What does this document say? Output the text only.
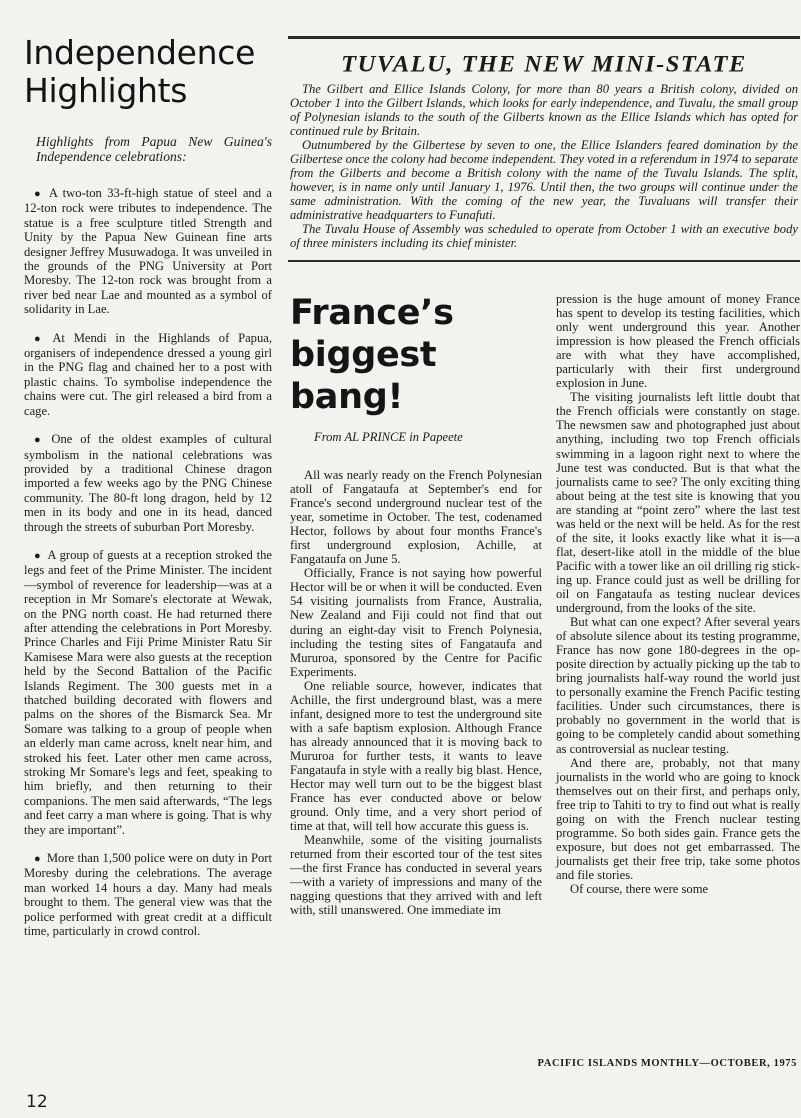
Independence
Highlights

Highlights from Papua New Guinea's Independence celebrations:

● A two-ton 33-ft-high statue of steel and a 12-ton rock were tributes to independence. The statue is a free sculpture titled Strength and Unity by the Papua New Guinean fine arts designer Jeffrey Musuwadoga. It was unveiled in the grounds of the PNG University at Port Moresby. The 12-ton rock was brought from a river bed near Lae and mounted as a symbol of solidarity in Lae.

● At Mendi in the Highlands of Papua, organisers of independence dressed a young girl in the PNG flag and chained her to a post with plastic chains. To symbolise independence the chains were cut. The girl released a bird from a cage.

● One of the oldest examples of cultural symbolism in the national celebrations was provided by a traditional Chinese dragon imported a few weeks ago by the PNG Chinese community. The 80-ft long dragon, held by 12 men in its body and one in its head, danced through the streets of suburban Port Moresby.

● A group of guests at a reception stroked the legs and feet of the Prime Minister. The incident—symbol of reverence for leadership—was at a reception in Mr Somare's electorate at Wewak, on the PNG north coast. He had returned there after attending the celebrations in Port Moresby. Prince Charles and Fiji Prime Minister Ratu Sir Kamisese Mara were also guests at the reception held by the Second Battalion of the Pacific Islands Regiment. The 300 guests met in a thatched building decorated with flowers and palms on the shores of the Bismarck Sea. Mr Somare was talking to a group of people when an elderly man came across, knelt near him, and stroked his feet. Later other men came across, stroking Mr Somare's legs and feet, speaking to him briefly, and then returning to their companions. The men said afterwards, “The legs and feet carry a man where is going. That is why they are important”.

● More than 1,500 police were on duty in Port Moresby during the celebrations. The average man worked 14 hours a day. Many had meals brought to them. The general view was that the police performed with great credit at a difficult time, particularly in crowd control.

TUVALU, THE NEW MINI-STATE

The Gilbert and Ellice Islands Colony, for more than 80 years a British colony, divided on October 1 into the Gilbert Islands, which looks for early independence, and Tuvalu, the small group of Polynesian islands to the south of the Gilberts known as the Ellice Islands which has opted for continued rule by Britain.

Outnumbered by the Gilbertese by seven to one, the Ellice Islanders feared domination by the Gilbertese once the colony had become independent. They voted in a referendum in 1974 to separate from the Gilberts and become a British colony with the name of the Tuvalu Islands. The split, however, is in name only until January 1, 1976. Until then, the two groups will continue under the same administration. With the coming of the new year, the Tuvaluans will transfer their administrative headquarters to Funafuti.

The Tuvalu House of Assembly was scheduled to operate from October 1 with an executive body of three ministers including its chief minister.

France’s
biggest
bang!

From AL PRINCE in Papeete

All was nearly ready on the French Polynesian atoll of Fangataufa at September's end for France's second underground nuclear test of the year, sometime in October. The test, codenamed Hector, follows by about four months France's first underground explosion, Achille, at Fangataufa on June 5.

Officially, France is not saying how powerful Hector will be or when it will be conducted. Even 54 visiting journalists from France, Australia, New Zealand and Fiji could not find that out during an eight-day visit to French Polynesia, including the testing sites of Fangataufa and Mururoa, sponsored by the Centre for Pacific Experiments.

One reliable source, however, indicates that Achille, the first underground blast, was a mere infant, designed more to test the underground site with a safe baptism explosion. Although France has already announced that it is moving back to Mururoa for further tests, it wants to leave Fangataufa in style with a really big blast. Hence, Hector may well turn out to be the biggest blast France has ever conducted above or below ground. Only time, and a very short period of time at that, will tell how accurate this guess is.

Meanwhile, some of the visiting journalists returned from their escorted tour of the test sites—the first France has conducted in several years—with a variety of impressions and many of the nagging questions that they arrived with and left with, still unanswered. One immediate im

pression is the huge amount of money France has spent to develop its testing facilities, which only went underground this year. Another impression is how pleased the French officials are with what they have accomplished, particularly with their first underground explosion in June.

The visiting journalists left little doubt that the French officials were constantly on stage. The newsmen saw and photographed just about anything, including two top French officials swimming in a lagoon right next to where the June test was conducted. But is that what the journalists came to see? The only exciting thing about being at the test site is knowing that you are standing at “point zero” where the last test was held or the next will be held. As for the rest of the site, it looks exactly like what it is—a flat, desert-like atoll in the middle of the blue Pacific with a tower like an oil drilling rig sticking up. France could just as well be drilling for oil on Fangataufa as testing nuclear devices underground, from the looks of the site.

But what can one expect? After several years of absolute silence about its testing programme, France has now gone 180-degrees in the opposite direction by actually picking up the tab to bring journalists half-way round the world just to personally examine the French Pacific testing facilities. Under such circumstances, there is probably no government in the world that is going to be completely candid about something as controversial as nuclear testing.

And there are, probably, not that many journalists in the world who are going to knock themselves out on their first, and perhaps only, free trip to Tahiti to try to find out what is really going on with the French nuclear testing programme. So both sides gain. France gets the exposure, but does not get embarrassed. The journalists get their free trip, take some photos and file stories.

Of course, there were some

PACIFIC ISLANDS MONTHLY—OCTOBER, 1975
12
